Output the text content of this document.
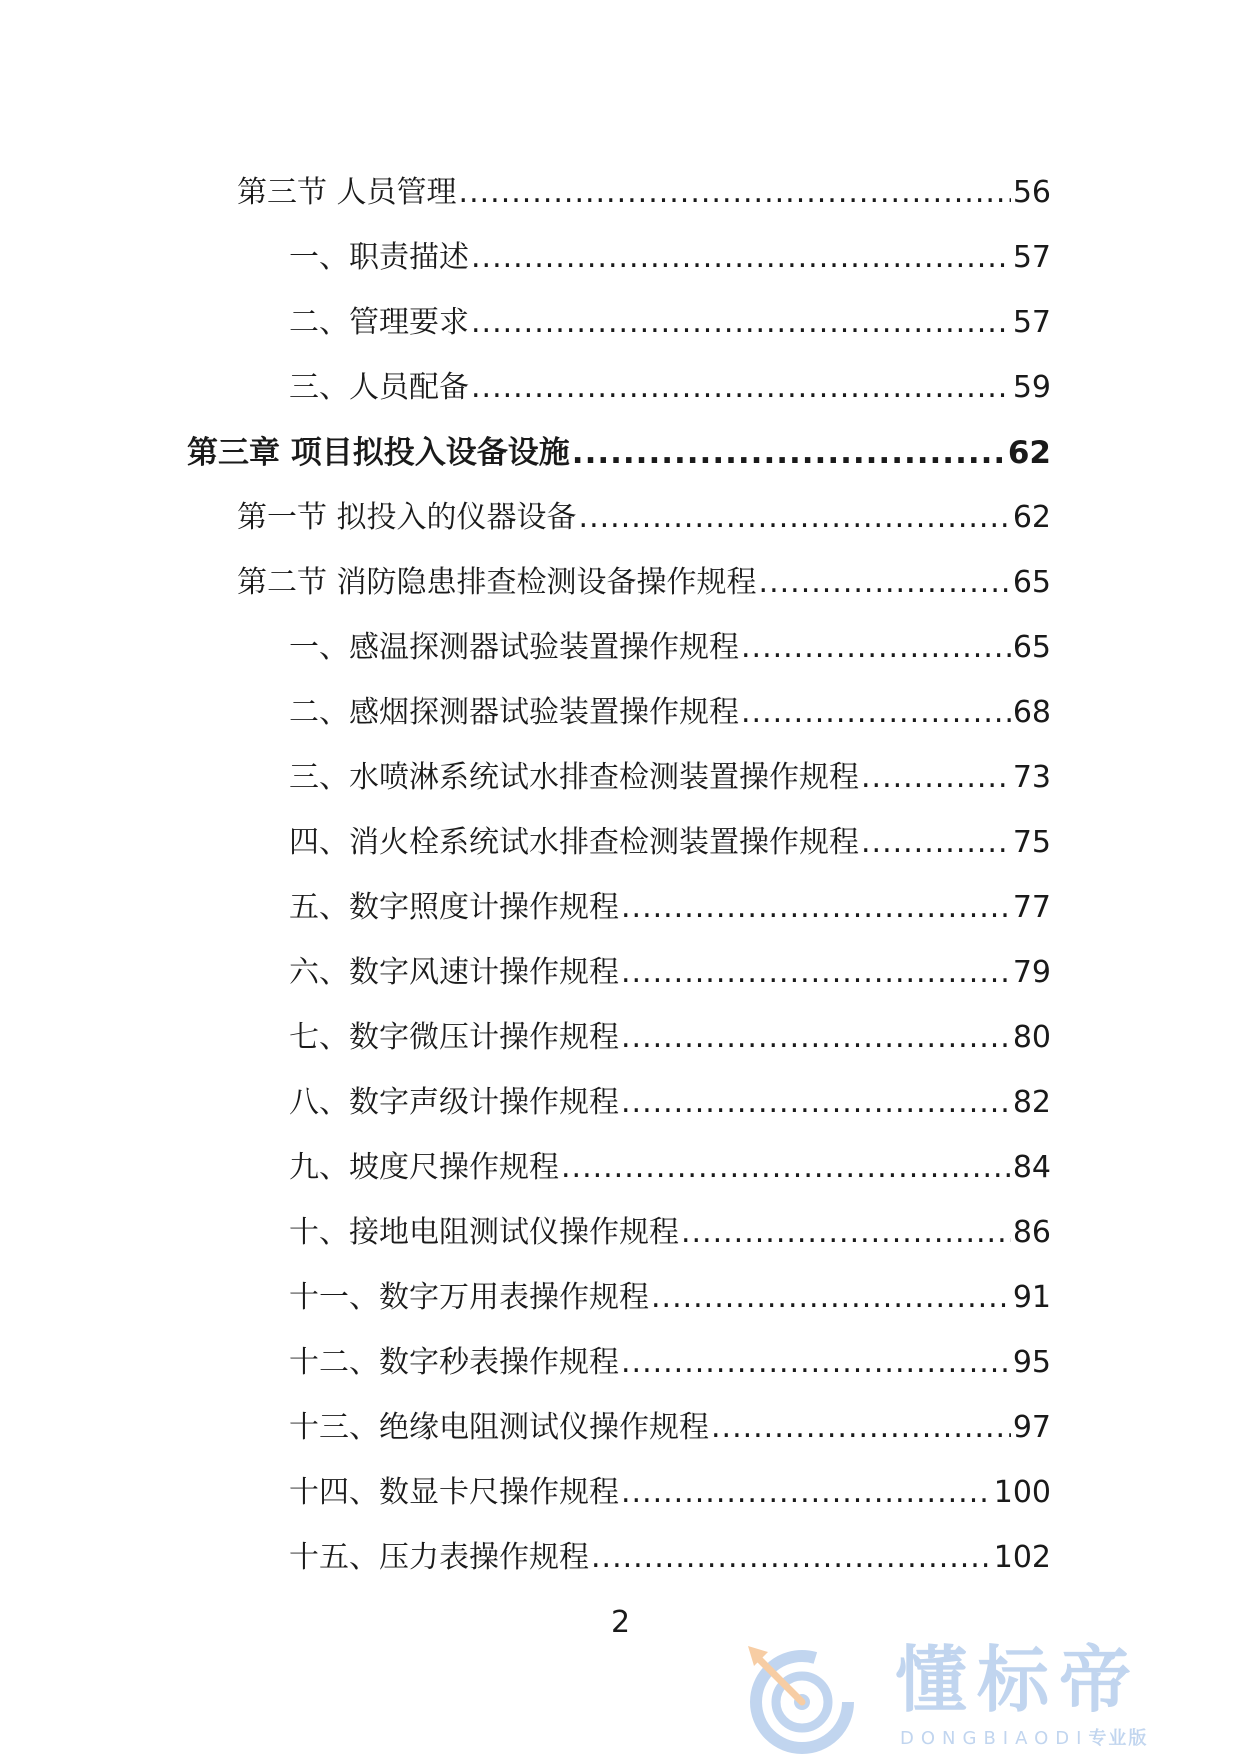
第三节 人员管理 .....	56
一、职责描述 .....	57
二、管理要求 .....	57
三、人员配备 .....	59
第三章 项目拟投入设备设施 .....	62
第一节 拟投入的仪器设备 .....	62
第二节 消防隐患排查检测设备操作规程 .....	65
一、感温探测器试验装置操作规程 .....	65
二、感烟探测器试验装置操作规程 .....	68
三、水喷淋系统试水排查检测装置操作规程 .....	73
四、消火栓系统试水排查检测装置操作规程 .....	75
五、数字照度计操作规程 .....	77
六、数字风速计操作规程 .....	79
七、数字微压计操作规程 .....	80
八、数字声级计操作规程 .....	82
九、坡度尺操作规程 .....	84
十、接地电阻测试仪操作规程 .....	86
十一、数字万用表操作规程 .....	91
十二、数字秒表操作规程 .....	95
十三、绝缘电阻测试仪操作规程 .....	97
十四、数显卡尺操作规程 .....	100
十五、压力表操作规程 .....	102
2
懂标帝
DONGBIAODI专业版
